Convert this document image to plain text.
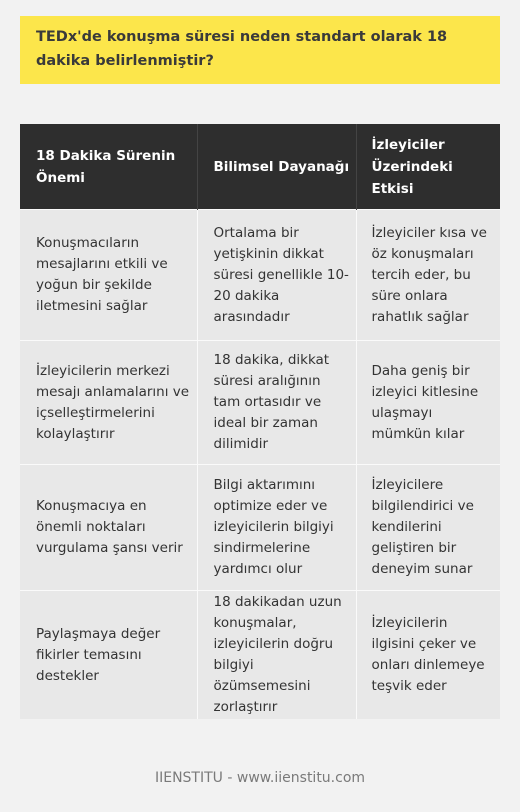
TEDx'de konuşma süresi neden standart olarak 18 dakika belirlenmiştir?
18 Dakika Sürenin Önemi	Bilimsel Dayanağı	İzleyiciler Üzerindeki Etkisi
Konuşmacıların mesajlarını etkili ve yoğun bir şekilde iletmesini sağlar	Ortalama bir yetişkinin dikkat süresi genellikle 10-20 dakika arasındadır	İzleyiciler kısa ve öz konuşmaları tercih eder, bu süre onlara rahatlık sağlar
İzleyicilerin merkezi mesajı anlamalarını ve içselleştirmelerini kolaylaştırır	18 dakika, dikkat süresi aralığının tam ortasıdır ve ideal bir zaman dilimidir	Daha geniş bir izleyici kitlesine ulaşmayı mümkün kılar
Konuşmacıya en önemli noktaları vurgulama şansı verir	Bilgi aktarımını optimize eder ve izleyicilerin bilgiyi sindirmelerine yardımcı olur	İzleyicilere bilgilendirici ve kendilerini geliştiren bir deneyim sunar
Paylaşmaya değer fikirler temasını destekler	18 dakikadan uzun konuşmalar, izleyicilerin doğru bilgiyi özümsemesini zorlaştırır	İzleyicilerin ilgisini çeker ve onları dinlemeye teşvik eder
IIENSTITU - www.iienstitu.com
